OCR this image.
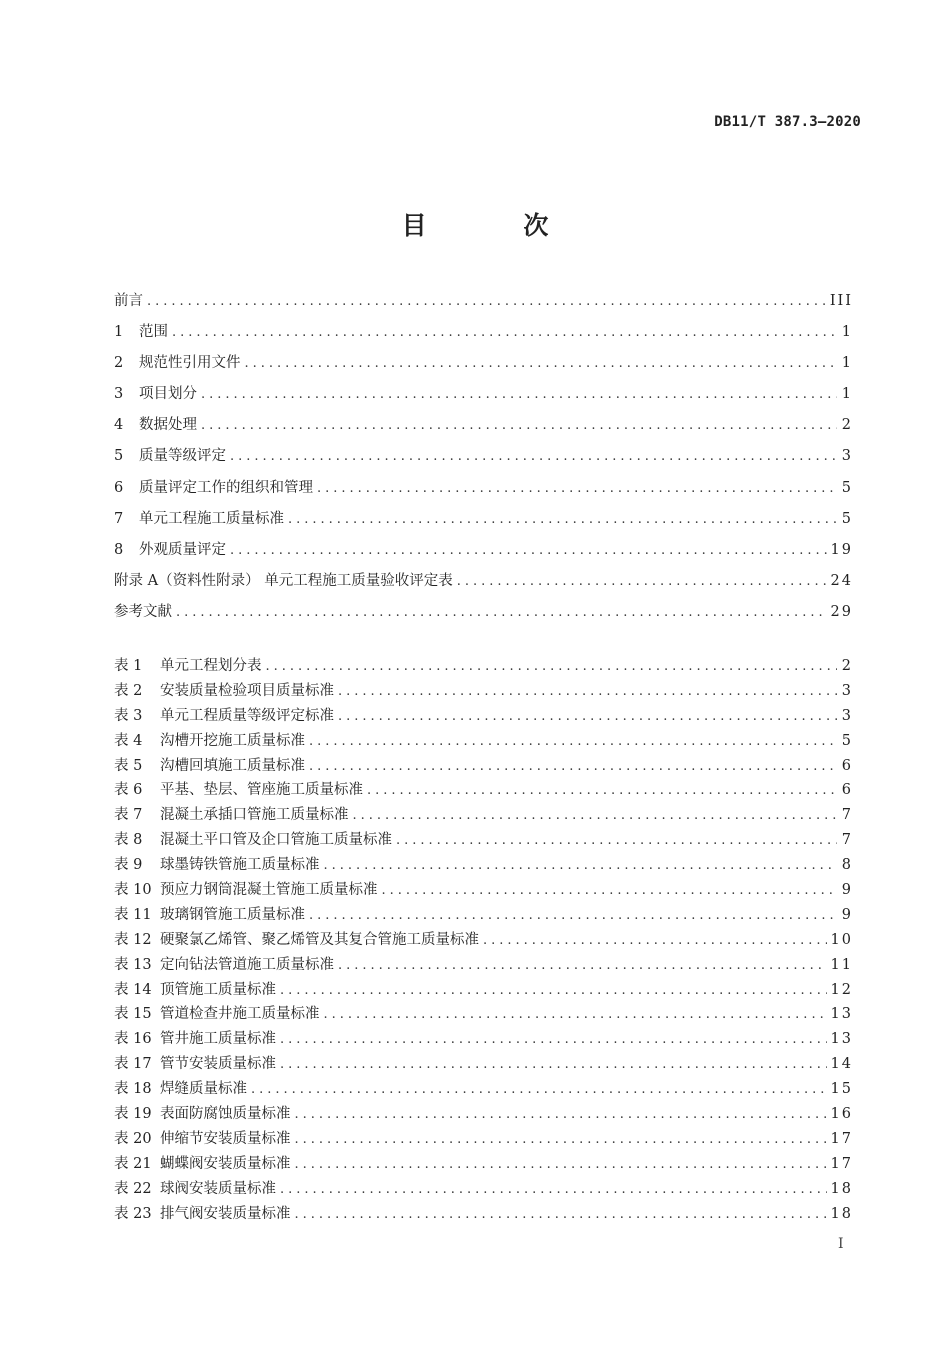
DB11/T 387.3—2020
目 次
前言 .....	III
1	范围 .....	1
2	规范性引用文件 .....	1
3	项目划分 .....	1
4	数据处理 .....	2
5	质量等级评定 .....	3
6	质量评定工作的组织和管理 .....	5
7	单元工程施工质量标准 .....	5
8	外观质量评定 .....	19
附录 A（资料性附录） 单元工程施工质量验收评定表 .....	24
参考文献 .....	29
表 1	单元工程划分表 .....	2
表 2	安装质量检验项目质量标准 .....	3
表 3	单元工程质量等级评定标准 .....	3
表 4	沟槽开挖施工质量标准 .....	5
表 5	沟槽回填施工质量标准 .....	6
表 6	平基、垫层、管座施工质量标准 .....	6
表 7	混凝土承插口管施工质量标准 .....	7
表 8	混凝土平口管及企口管施工质量标准 .....	7
表 9	球墨铸铁管施工质量标准 .....	8
表 10 预应力钢筒混凝土管施工质量标准 .....	9
表 11 玻璃钢管施工质量标准 .....	9
表 12 硬聚氯乙烯管、聚乙烯管及其复合管施工质量标准 .....	10
表 13 定向钻法管道施工质量标准 .....	11
表 14 顶管施工质量标准 .....	12
表 15 管道检查井施工质量标准 .....	13
表 16 管井施工质量标准 .....	13
表 17 管节安装质量标准 .....	14
表 18 焊缝质量标准 .....	15
表 19 表面防腐蚀质量标准 .....	16
表 20 伸缩节安装质量标准 .....	17
表 21 蝴蝶阀安装质量标准 .....	17
表 22 球阀安装质量标准 .....	18
表 23 排气阀安装质量标准 .....	18
I
